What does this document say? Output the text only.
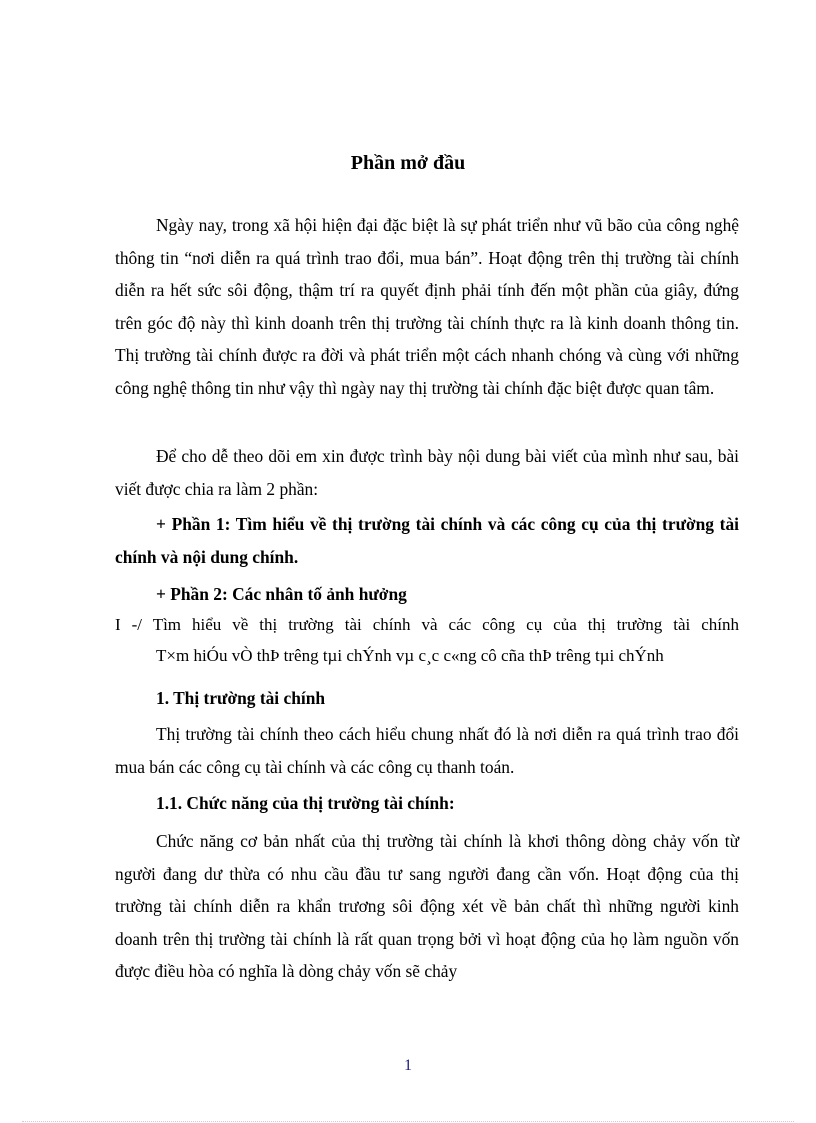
Phần mở đầu
Ngày nay, trong xã hội hiện đại đặc biệt là sự phát triển như vũ bão của công nghệ thông tin “nơi diễn ra quá trình trao đổi, mua bán”. Hoạt động trên thị trường tài chính diễn ra hết sức sôi động, thậm trí ra quyết định phải tính đến một phần của giây, đứng trên góc độ này thì kinh doanh trên thị trường tài chính thực ra là kinh doanh thông tin. Thị trường tài chính được ra đời và phát triển một cách nhanh chóng và cùng với những công nghệ thông tin như vậy thì ngày nay thị trường tài chính đặc biệt được quan tâm.
Để cho dễ theo dõi em xin được trình bày nội dung bài viết của mình như sau, bài viết được chia ra làm 2 phần:
+ Phần 1: Tìm hiểu về thị trường tài chính và các công cụ của thị trường tài chính và nội dung chính.
+ Phần 2: Các nhân tố ảnh hưởng
I -/ Tìm hiểu về thị trường tài chính và các công cụ của thị trường tài chính
T×m hiÓu vÒ thÞ trêng tµi chÝnh vµ c¸c c«ng cô cña thÞ trêng tµi chÝnh
1. Thị trường tài chính
Thị trường tài chính theo cách hiểu chung nhất đó là nơi diễn ra quá trình trao đổi mua bán các công cụ tài chính và các công cụ thanh toán.
1.1. Chức năng của thị trường tài chính:
Chức năng cơ bản nhất của thị trường tài chính là khơi thông dòng chảy vốn từ người đang dư thừa có nhu cầu đầu tư sang người đang cần vốn. Hoạt động của thị trường tài chính diễn ra khẩn trương sôi động xét về bản chất thì những người kinh doanh trên thị trường tài chính là rất quan trọng bởi vì hoạt động của họ làm nguồn vốn được điều hòa có nghĩa là dòng chảy vốn sẽ chảy
1
